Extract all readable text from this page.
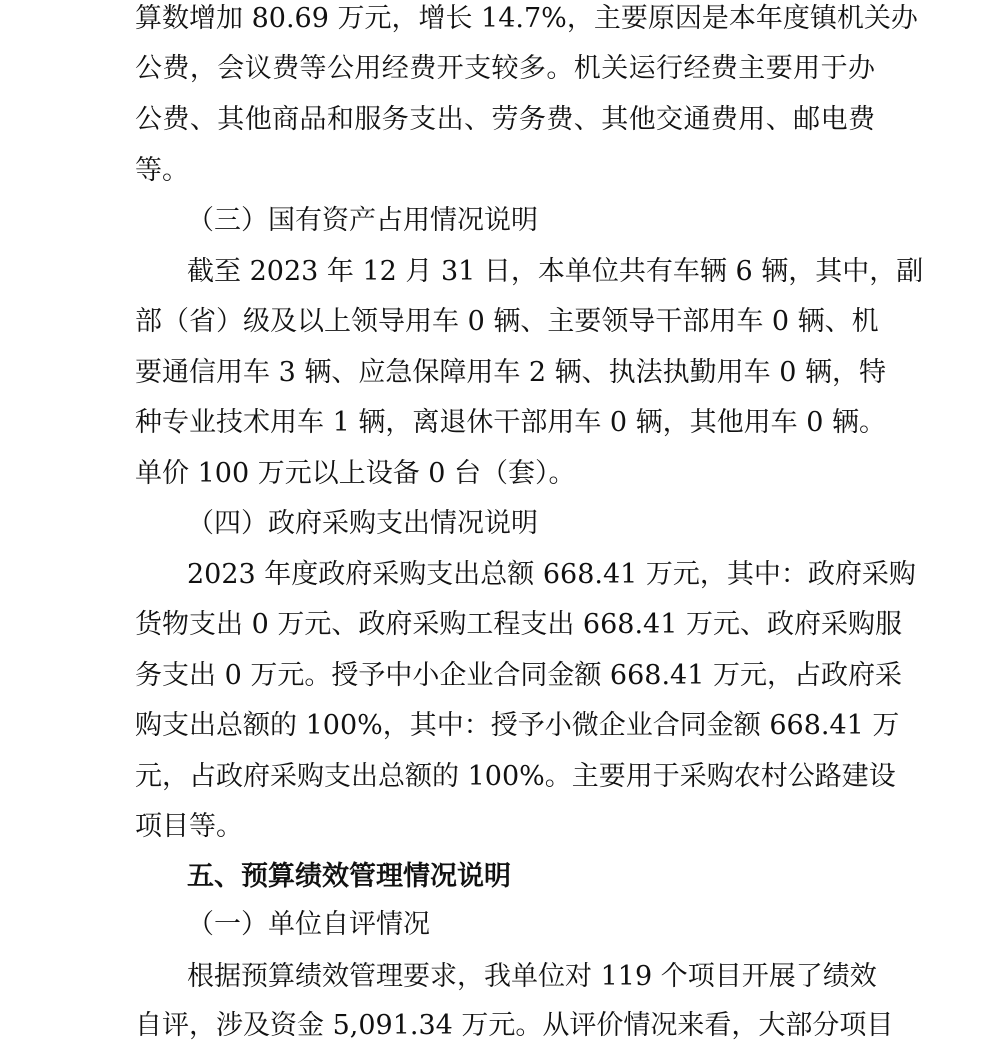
算数增加 80.69 万元，增长 14.7%，主要原因是本年度镇机关办
公费，会议费等公用经费开支较多。机关运行经费主要用于办
公费、其他商品和服务支出、劳务费、其他交通费用、邮电费
等。
（三）国有资产占用情况说明
截至 2023 年 12 月 31 日，本单位共有车辆 6 辆，其中，副
部（省）级及以上领导用车 0 辆、主要领导干部用车 0 辆、机
要通信用车 3 辆、应急保障用车 2 辆、执法执勤用车 0 辆，特
种专业技术用车 1 辆，离退休干部用车 0 辆，其他用车 0 辆。
单价 100 万元以上设备 0 台（套）。
（四）政府采购支出情况说明
2023 年度政府采购支出总额 668.41 万元，其中：政府采购
货物支出 0 万元、政府采购工程支出 668.41 万元、政府采购服
务支出 0 万元。授予中小企业合同金额 668.41 万元，占政府采
购支出总额的 100%，其中：授予小微企业合同金额 668.41 万
元，占政府采购支出总额的 100%。主要用于采购农村公路建设
项目等。
五、预算绩效管理情况说明
（一）单位自评情况
根据预算绩效管理要求，我单位对 119 个项目开展了绩效
自评，涉及资金 5,091.34 万元。从评价情况来看，大部分项目
